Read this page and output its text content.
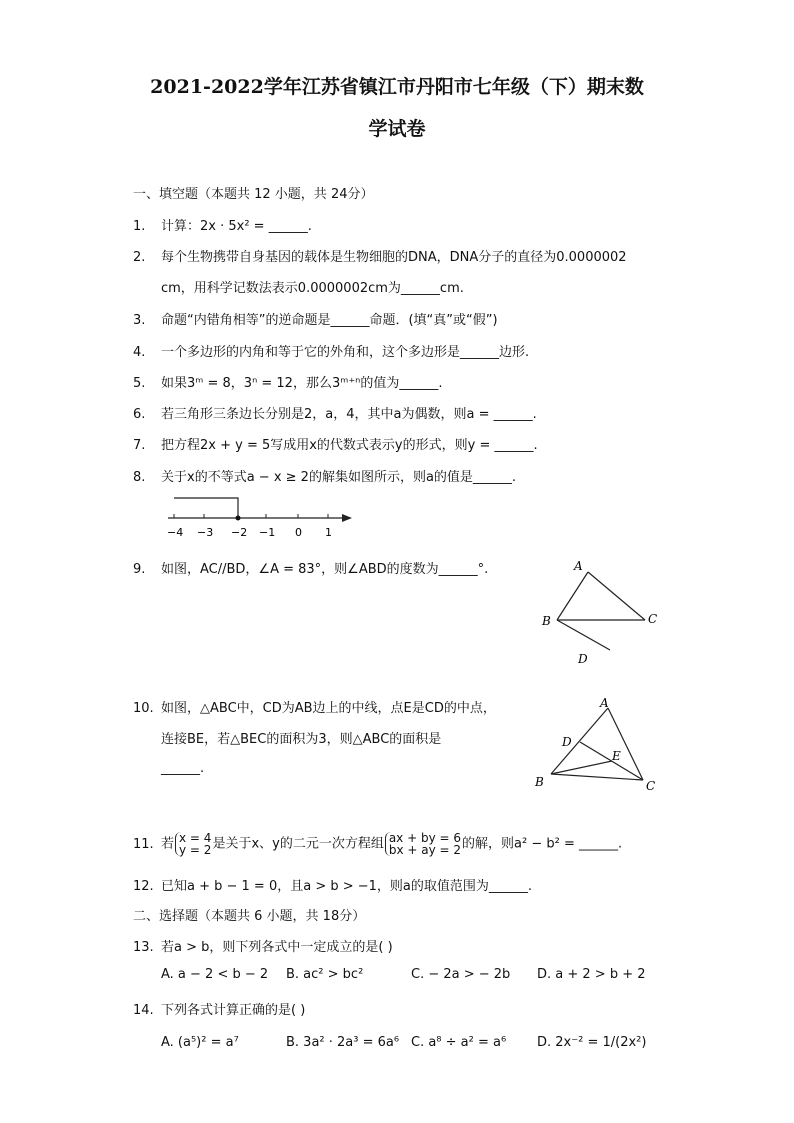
2021-2022学年江苏省镇江市丹阳市七年级（下）期末数
学试卷
一、填空题（本题共 12 小题，共 24分）
1. 计算：2x · 5x² = ______.
2. 每个生物携带自身基因的载体是生物细胞的DNA，DNA分子的直径为0.0000002
cm，用科学记数法表示0.0000002cm为______cm.
3. 命题“内错角相等”的逆命题是______命题．(填“真”或“假”)
4. 一个多边形的内角和等于它的外角和，这个多边形是______边形.
5. 如果3ᵐ = 8，3ⁿ = 12，那么3ᵐ⁺ⁿ的值为______.
6. 若三角形三条边长分别是2，a，4，其中a为偶数，则a = ______.
7. 把方程2x + y = 5写成用x的代数式表示y的形式，则y = ______.
8. 关于x的不等式a − x ≥ 2的解集如图所示，则a的值是______.
−4 −3 −2 −1 0 1
9. 如图，AC//BD，∠A = 83°，则∠ABD的度数为______°.	A
B	C
D
10. 如图，△ABC中，CD为AB边上的中线，点E是CD的中点，
连接BE，若△BEC的面积为3，则△ABC的面积是
______.
A
D
E
B	C
11. 若 x = 4
y = 2是关于x、y的二元一次方程组 ax + by = 6
bx + ay = 2的解，则a² − b² = ______.
12. 已知a + b − 1 = 0，且a > b > −1，则a的取值范围为______.
二、选择题（本题共 6 小题，共 18分）
13. 若a > b，则下列各式中一定成立的是( )
A. a − 2 < b − 2 B. ac² > bc²	C. − 2a > − 2b D. a + 2 > b + 2
14. 下列各式计算正确的是( )
A. (a⁵)² = a⁷	B. 3a² · 2a³ = 6a⁶ C. a⁸ ÷ a² = a⁶ D. 2x⁻² = 1/(2x²)
